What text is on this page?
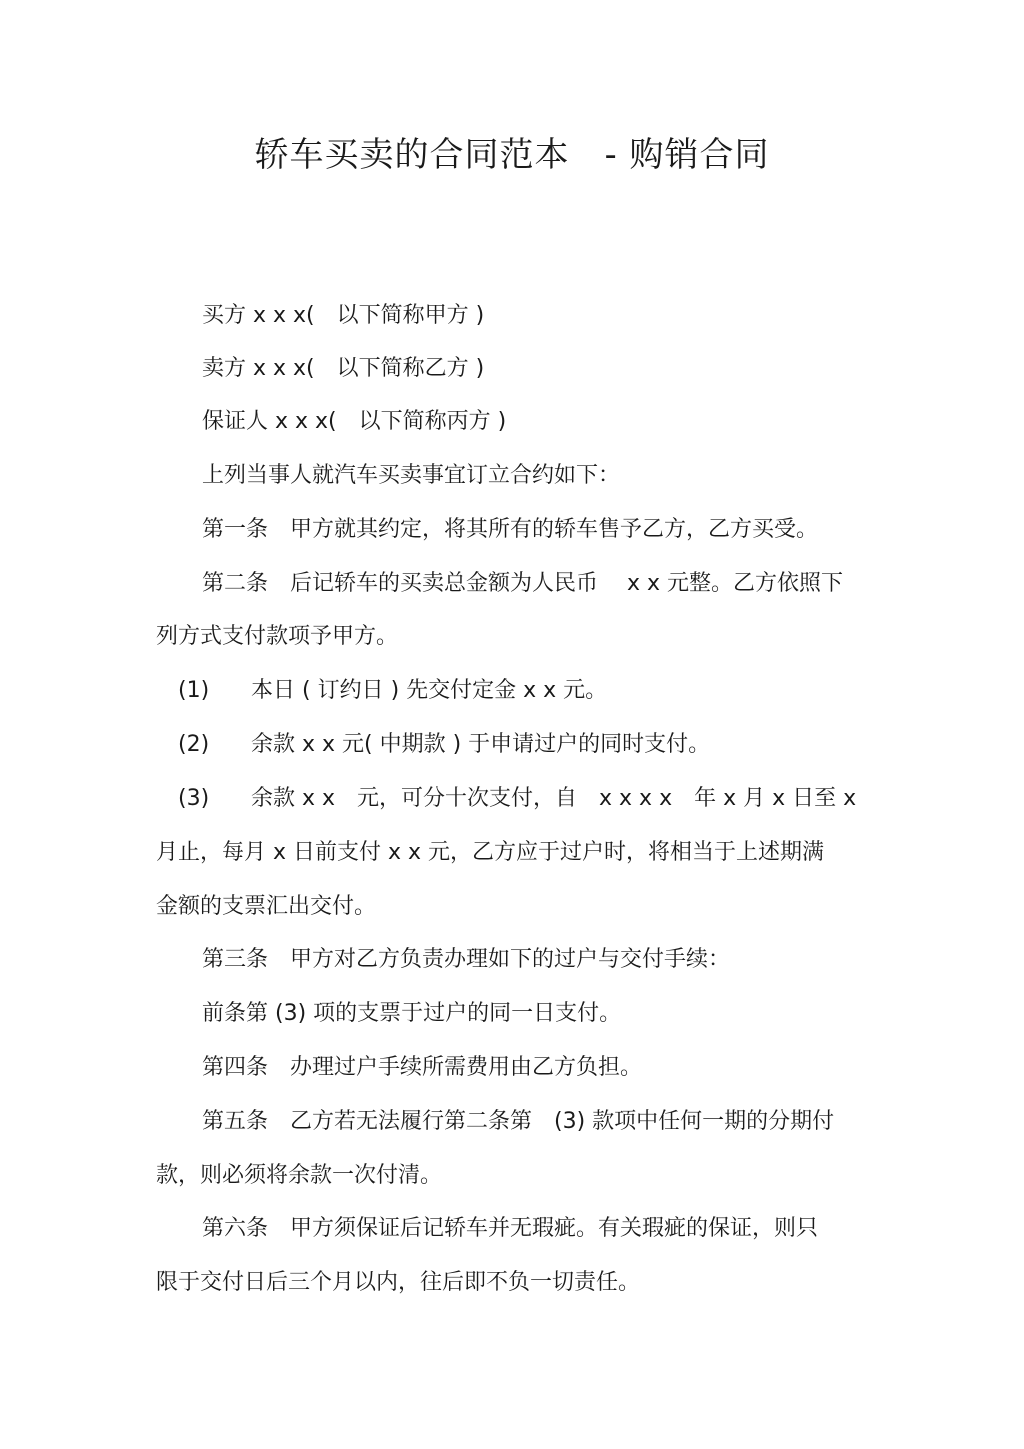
轿车买卖的合同范本　- 购销合同
买方 x x x(　以下简称甲方 )
卖方 x x x(　以下简称乙方 )
保证人 x x x(　以下简称丙方 )
上列当事人就汽车买卖事宜订立合约如下：
第一条　甲方就其约定，将其所有的轿车售予乙方，乙方买受。
第二条　后记轿车的买卖总金额为人民币　 x x 元整。乙方依照下
列方式支付款项予甲方。
(1) 本日 ( 订约日 ) 先交付定金 x x 元。
(2) 余款 x x 元( 中期款 ) 于申请过户的同时支付。
(3) 余款 x x　元，可分十次支付，自　x x x x　年 x 月 x 日至 x
月止，每月 x 日前支付 x x 元，乙方应于过户时，将相当于上述期满
金额的支票汇出交付。
第三条　甲方对乙方负责办理如下的过户与交付手续：
前条第 (3) 项的支票于过户的同一日支付。
第四条　办理过户手续所需费用由乙方负担。
第五条　乙方若无法履行第二条第　(3) 款项中任何一期的分期付
款，则必须将余款一次付清。
第六条　甲方须保证后记轿车并无瑕疵。有关瑕疵的保证，则只
限于交付日后三个月以内，往后即不负一切责任。
